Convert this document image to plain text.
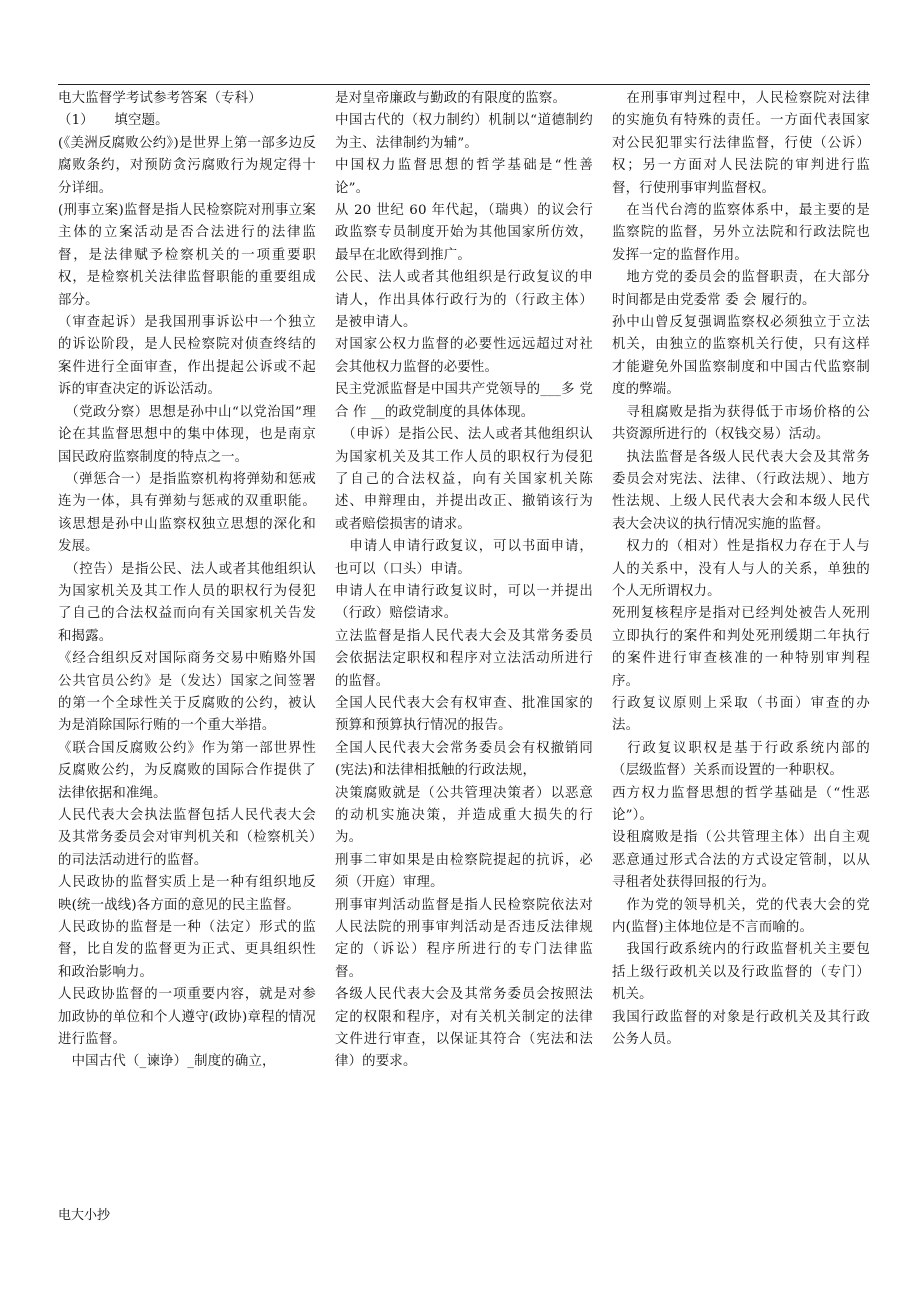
电大监督学考试参考答案（专科）

（1）　　填空题。

(《美洲反腐败公约》)是世界上第一部多边反腐败条约，对预防贪污腐败行为规定得十分详细。

(刑事立案)监督是指人民检察院对刑事立案主体的立案活动是否合法进行的法律监督，是法律赋予检察机关的一项重要职权，是检察机关法律监督职能的重要组成部分。

（审查起诉）是我国刑事诉讼中一个独立的诉讼阶段，是人民检察院对侦查终结的案件进行全面审查，作出提起公诉或不起诉的审查决定的诉讼活动。

　（党政分察）思想是孙中山“以党治国”理论在其监督思想中的集中体现，也是南京国民政府监察制度的特点之一。

　（弹惩合一）是指监察机构将弹劾和惩戒连为一体，具有弹劾与惩戒的双重职能。该思想是孙中山监察权独立思想的深化和发展。

　（控告）是指公民、法人或者其他组织认为国家机关及其工作人员的职权行为侵犯了自己的合法权益而向有关国家机关告发和揭露。

《经合组织反对国际商务交易中贿赂外国公共官员公约》是（发达）国家之间签署的第一个全球性关于反腐败的公约，被认为是消除国际行贿的一个重大举措。

《联合国反腐败公约》作为第一部世界性反腐败公约，为反腐败的国际合作提供了法律依据和准绳。

人民代表大会执法监督包括人民代表大会及其常务委员会对审判机关和（检察机关）的司法活动进行的监督。

人民政协的监督实质上是一种有组织地反映(统一战线)各方面的意见的民主监督。

人民政协的监督是一种（法定）形式的监督，比自发的监督更为正式、更具组织性和政治影响力。

人民政协监督的一项重要内容，就是对参加政协的单位和个人遵守(政协)章程的情况进行监督。

　中国古代（_谏诤）_制度的确立，

是对皇帝廉政与勤政的有限度的监察。

中国古代的（权力制约）机制以“道德制约为主、法律制约为辅”。

中国权力监督思想的哲学基础是“性善论”。

从 20 世纪 60 年代起，（瑞典）的议会行政监察专员制度开始为其他国家所仿效，最早在北欧得到推广。

公民、法人或者其他组织是行政复议的申请人，作出具体行政行为的（行政主体）是被申请人。

对国家公权力监督的必要性远远超过对社会其他权力监督的必要性。

民主党派监督是中国共产党领导的___多 党 合 作 __的政党制度的具体体现。

　（申诉）是指公民、法人或者其他组织认为国家机关及其工作人员的职权行为侵犯了自己的合法权益，向有关国家机关陈述、申辩理由，并提出改正、撤销该行为或者赔偿损害的请求。

　申请人申请行政复议，可以书面申请，也可以（口头）申请。

申请人在申请行政复议时，可以一并提出（行政）赔偿请求。

立法监督是指人民代表大会及其常务委员会依据法定职权和程序对立法活动所进行的监督。

全国人民代表大会有权审查、批准国家的预算和预算执行情况的报告。

全国人民代表大会常务委员会有权撤销同(宪法)和法律相抵触的行政法规，

决策腐败就是（公共管理决策者）以恶意的动机实施决策，并造成重大损失的行为。

刑事二审如果是由检察院提起的抗诉，必须（开庭）审理。

刑事审判活动监督是指人民检察院依法对人民法院的刑事审判活动是否违反法律规定的（诉讼）程序所进行的专门法律监督。

各级人民代表大会及其常务委员会按照法定的权限和程序，对有关机关制定的法律文件进行审查，以保证其符合（宪法和法律）的要求。

　在刑事审判过程中，人民检察院对法律的实施负有特殊的责任。一方面代表国家对公民犯罪实行法律监督，行使（公诉）权；另一方面对人民法院的审判进行监督，行使刑事审判监督权。

　在当代台湾的监察体系中，最主要的是监察院的监督，另外立法院和行政法院也发挥一定的监督作用。

　地方党的委员会的监督职责，在大部分时间都是由党委常 委 会 履行的。

孙中山曾反复强调监察权必须独立于立法机关，由独立的监察机关行使，只有这样才能避免外国监察制度和中国古代监察制度的弊端。

　寻租腐败是指为获得低于市场价格的公共资源所进行的（权钱交易）活动。

　执法监督是各级人民代表大会及其常务委员会对宪法、法律、（行政法规）、地方性法规、上级人民代表大会和本级人民代表大会决议的执行情况实施的监督。

　权力的（相对）性是指权力存在于人与人的关系中，没有人与人的关系，单独的个人无所谓权力。

死刑复核程序是指对已经判处被告人死刑立即执行的案件和判处死刑缓期二年执行的案件进行审查核准的一种特别审判程序。

行政复议原则上采取（书面）审查的办法。

　行政复议职权是基于行政系统内部的（层级监督）关系而设置的一种职权。

西方权力监督思想的哲学基础是（“性恶论”）。

设租腐败是指（公共管理主体）出自主观恶意通过形式合法的方式设定管制，以从寻租者处获得回报的行为。

　作为党的领导机关，党的代表大会的党内(监督)主体地位是不言而喻的。

　我国行政系统内的行政监督机关主要包括上级行政机关以及行政监督的（专门）机关。

我国行政监督的对象是行政机关及其行政公务人员。

电大小抄
